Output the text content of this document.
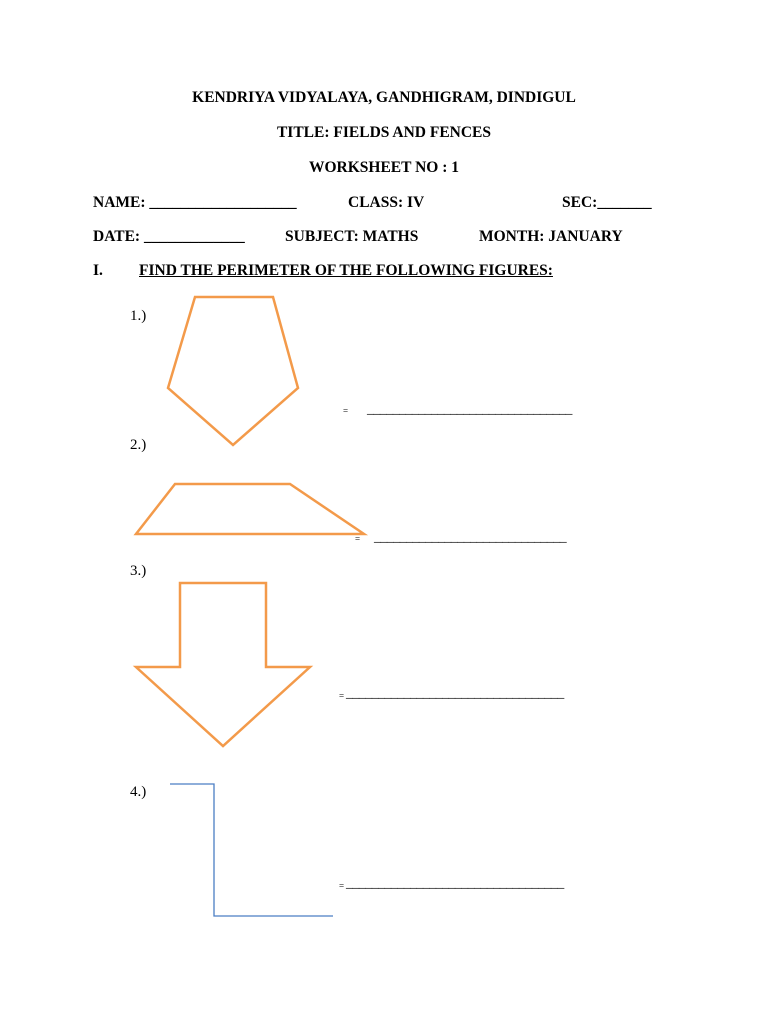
KENDRIYA VIDYALAYA, GANDHIGRAM, DINDIGUL
TITLE: FIELDS AND FENCES
WORKSHEET NO : 1
NAME: ___________________	CLASS: IV	SEC:_______
DATE: _____________	SUBJECT: MATHS	MONTH: JANUARY
I. FIND THE PERIMETER OF THE FOLLOWING FIGURES:
1.)
2.)
3.)
4.)
= ________________________________
= ______________________________
= __________________________________
= __________________________________
